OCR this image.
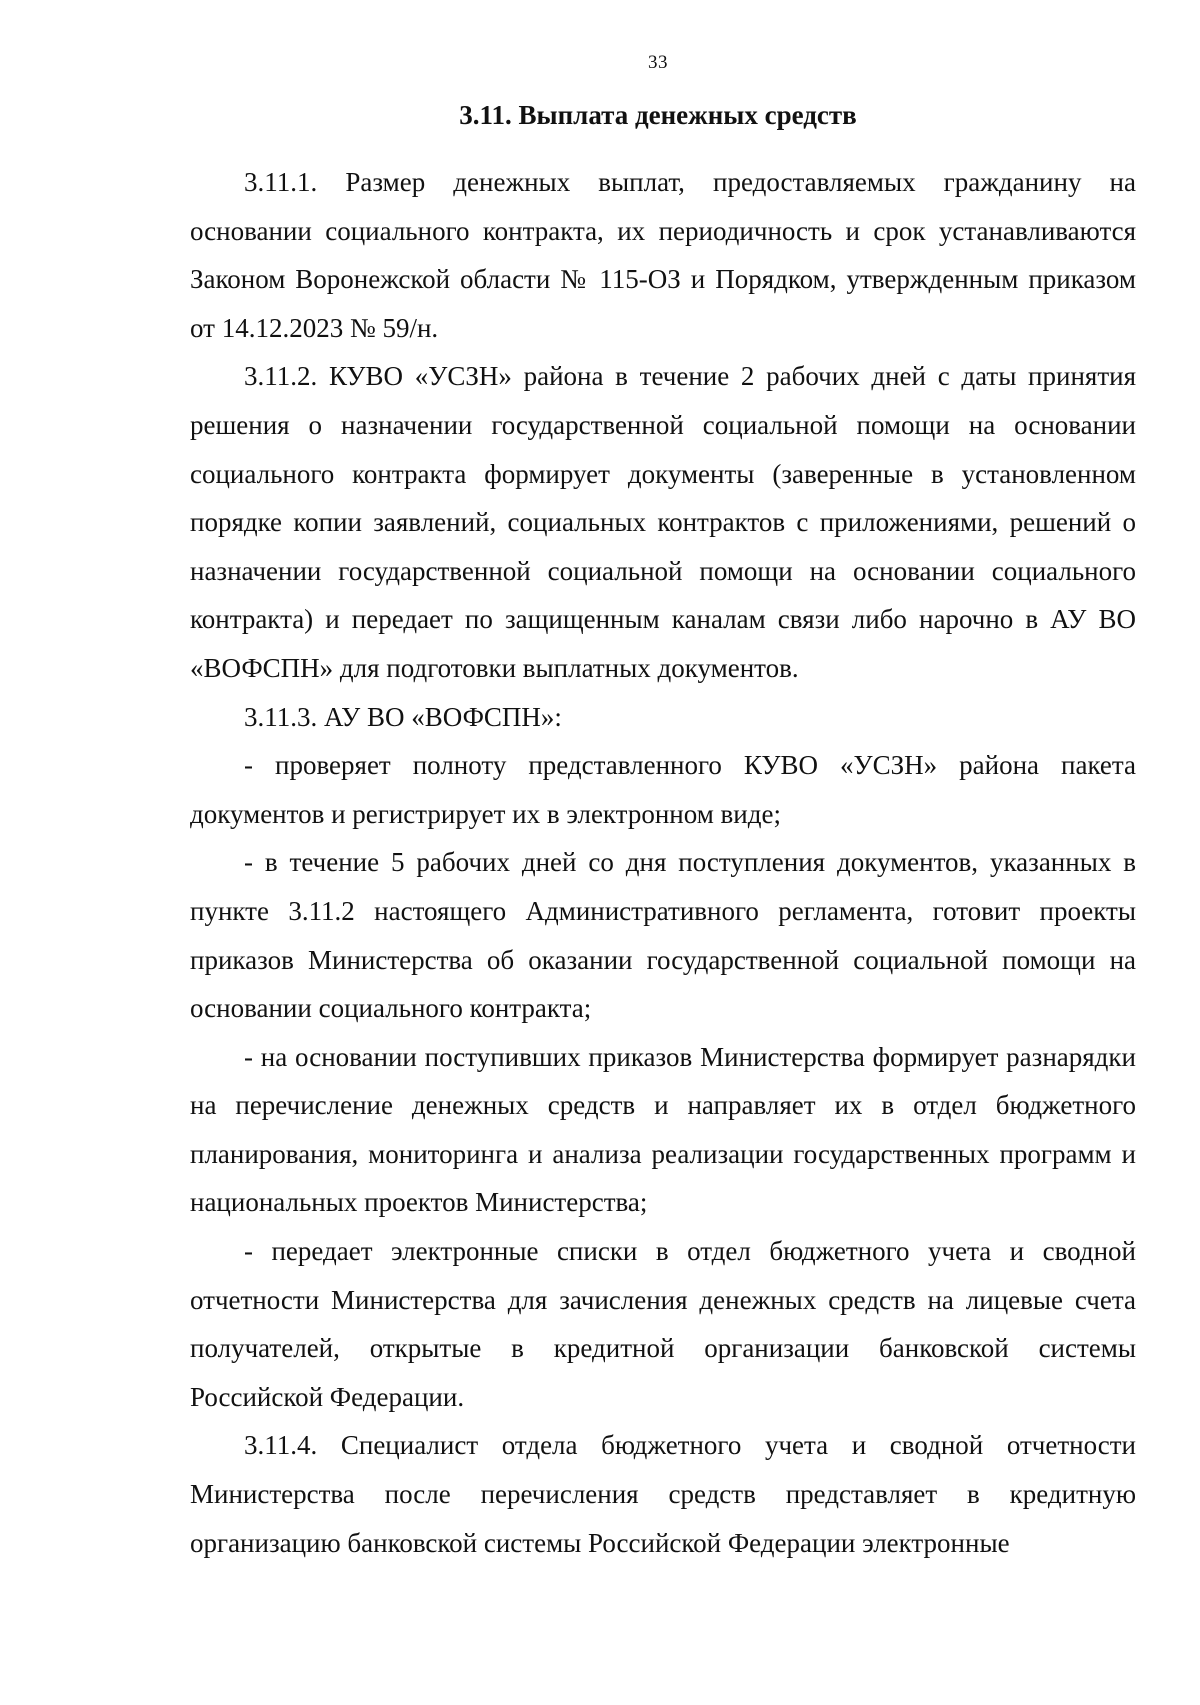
33
3.11. Выплата денежных средств

3.11.1. Размер денежных выплат, предоставляемых гражданину на основании социального контракта, их периодичность и срок устанавливаются Законом Воронежской области № 115-ОЗ и Порядком, утвержденным приказом от 14.12.2023 № 59/н.

3.11.2. КУВО «УСЗН» района в течение 2 рабочих дней с даты принятия решения о назначении государственной социальной помощи на основании социального контракта формирует документы (заверенные в установленном порядке копии заявлений, социальных контрактов с приложениями, решений о назначении государственной социальной помощи на основании социального контракта) и передает по защищенным каналам связи либо нарочно в АУ ВО «ВОФСПН» для подготовки выплатных документов.

3.11.3. АУ ВО «ВОФСПН»:

- проверяет полноту представленного КУВО «УСЗН» района пакета документов и регистрирует их в электронном виде;

- в течение 5 рабочих дней со дня поступления документов, указанных в пункте 3.11.2 настоящего Административного регламента, готовит проекты приказов Министерства об оказании государственной социальной помощи на основании социального контракта;

- на основании поступивших приказов Министерства формирует разнарядки на перечисление денежных средств и направляет их в отдел бюджетного планирования, мониторинга и анализа реализации государственных программ и национальных проектов Министерства;

- передает электронные списки в отдел бюджетного учета и сводной отчетности Министерства для зачисления денежных средств на лицевые счета получателей, открытые в кредитной организации банковской системы Российской Федерации.

3.11.4. Специалист отдела бюджетного учета и сводной отчетности Министерства после перечисления средств представляет в кредитную организацию банковской системы Российской Федерации электронные
